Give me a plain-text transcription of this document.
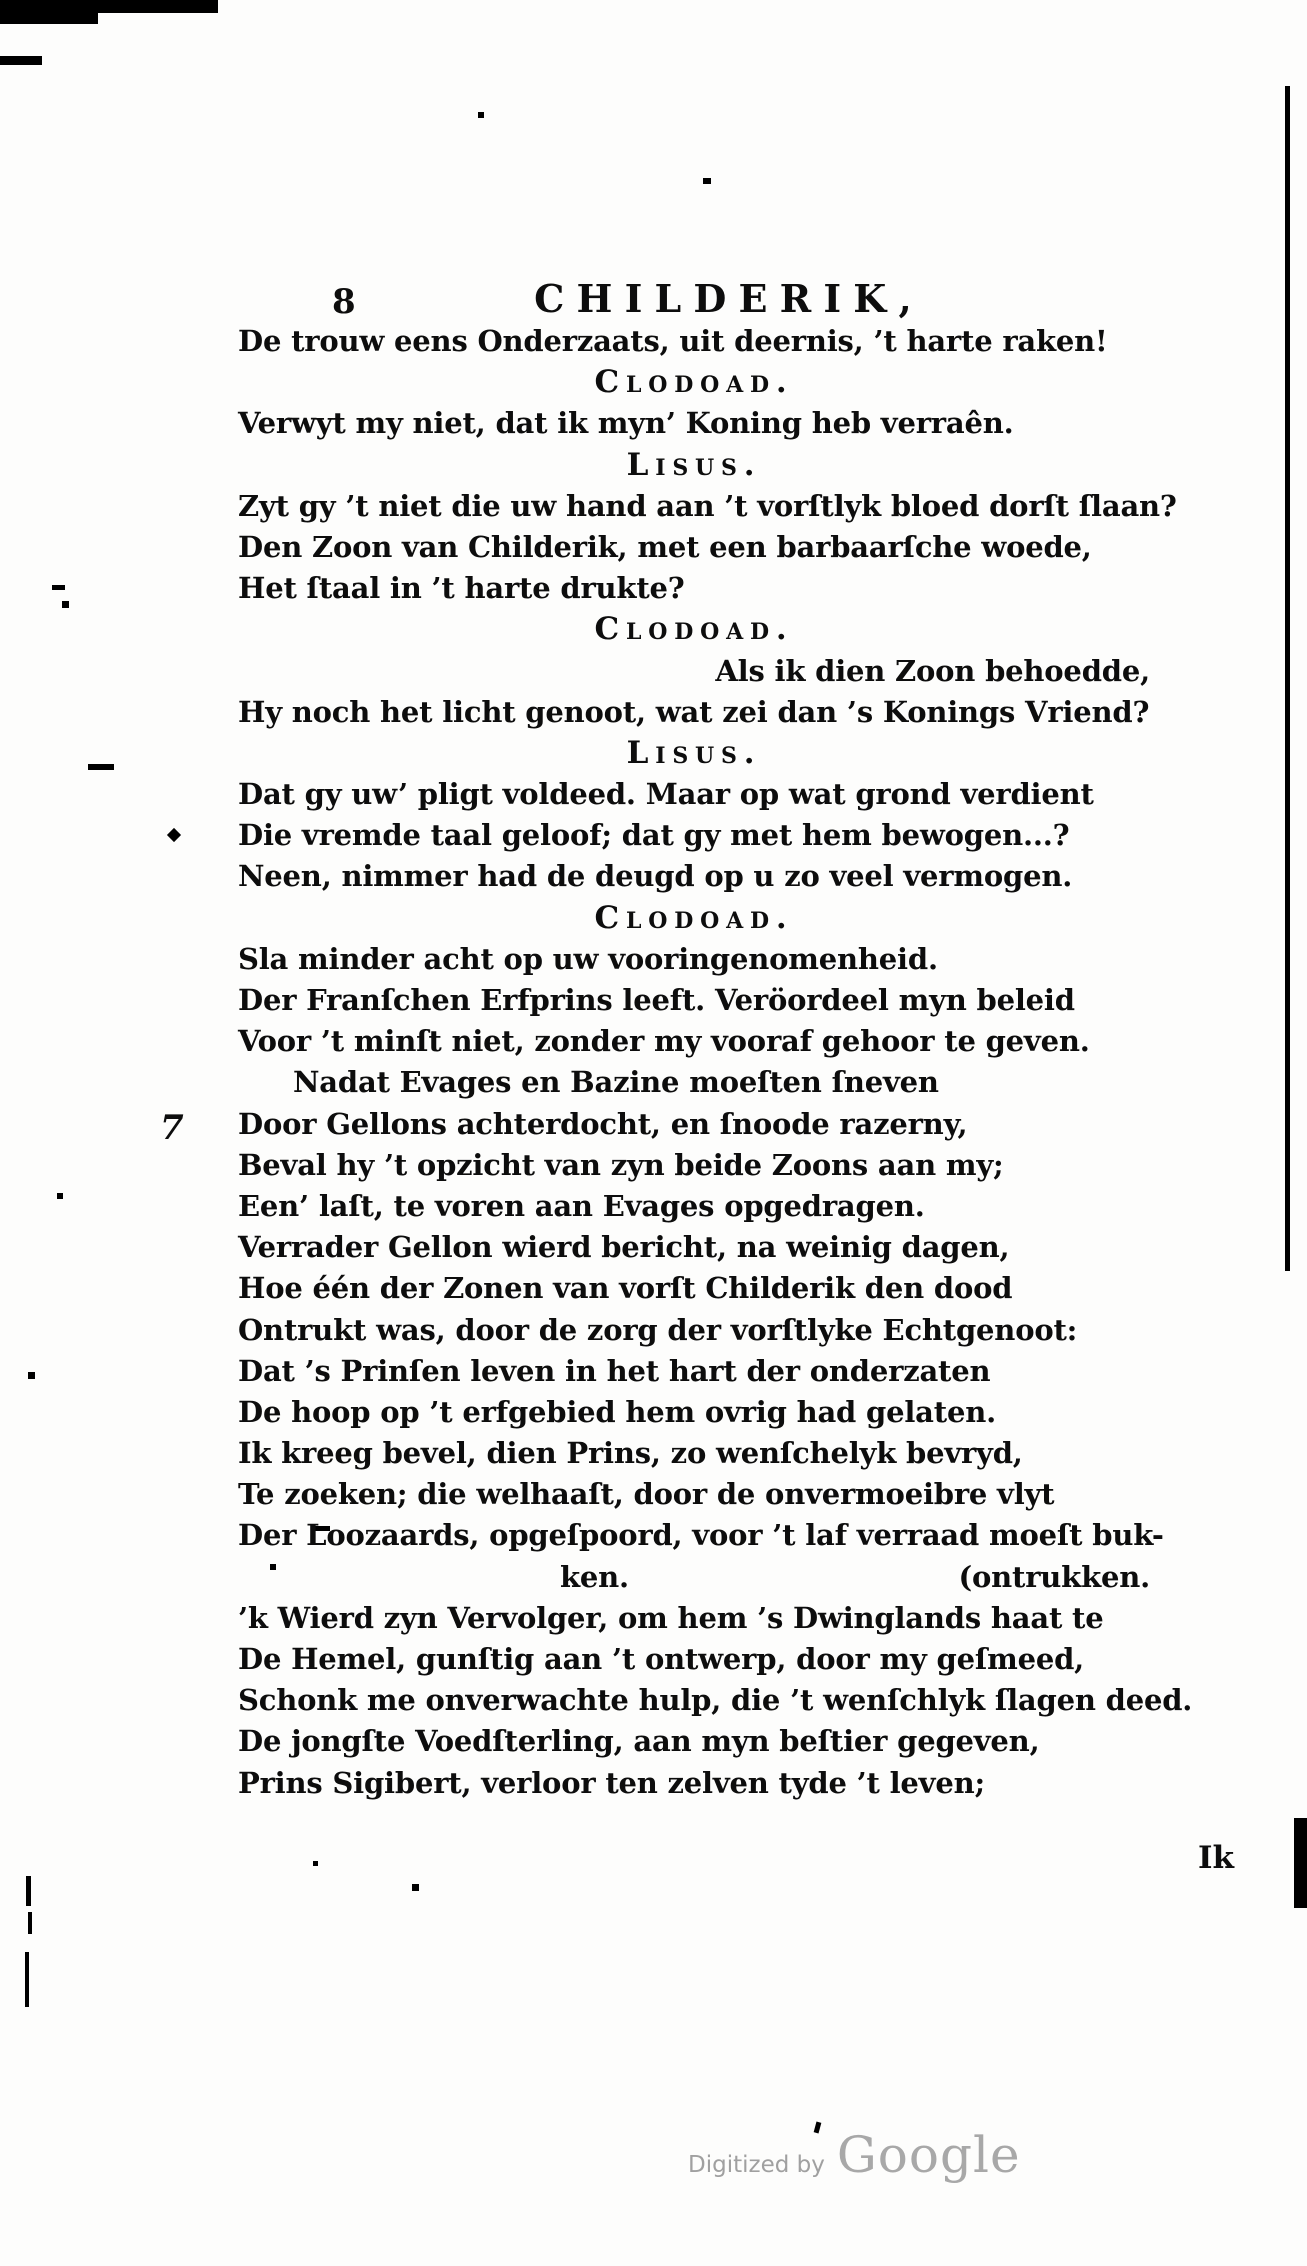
7
8	CHILDERIK,
De trouw eens Onderzaats, uit deernis, ’t harte raken!
Clodoad.
Verwyt my niet, dat ik myn’ Koning heb verraên.
Lisus.
Zyt gy ’t niet die uw hand aan ’t vorſtlyk bloed dorſt ſlaan?
Den Zoon van Childerik, met een barbaarſche woede,
Het ſtaal in ’t harte drukte?
Clodoad.
Als ik dien Zoon behoedde,
Hy noch het licht genoot, wat zei dan ’s Konings Vriend?
Lisus.
Dat gy uw’ pligt voldeed. Maar op wat grond verdient
Die vremde taal geloof; dat gy met hem bewogen...?
Neen, nimmer had de deugd op u zo veel vermogen.
Clodoad.
Sla minder acht op uw vooringenomenheid.
Der Franſchen Erfprins leeft. Veröordeel myn beleid
Voor ’t minſt niet, zonder my vooraf gehoor te geven.
Nadat Evages en Bazine moeſten ſneven
Door Gellons achterdocht, en ſnoode razerny,
Beval hy ’t opzicht van zyn beide Zoons aan my;
Een’ laſt, te voren aan Evages opgedragen.
Verrader Gellon wierd bericht, na weinig dagen,
Hoe één der Zonen van vorſt Childerik den dood
Ontrukt was, door de zorg der vorſtlyke Echtgenoot:
Dat ’s Prinſen leven in het hart der onderzaten
De hoop op ’t erfgebied hem ovrig had gelaten.
Ik kreeg bevel, dien Prins, zo wenſchelyk bevryd,
Te zoeken; die welhaaſt, door de onvermoeibre vlyt
Der Loozaards, opgeſpoord, voor ’t laf verraad moeſt buk-
ken.	(ontrukken.
’k Wierd zyn Vervolger, om hem ’s Dwinglands haat te
De Hemel, gunſtig aan ’t ontwerp, door my geſmeed,
Schonk me onverwachte hulp, die ’t wenſchlyk ſlagen deed.
De jongſte Voedſterling, aan myn beſtier gegeven,
Prins Sigibert, verloor ten zelven tyde ’t leven;
Ik
Digitized by Google
